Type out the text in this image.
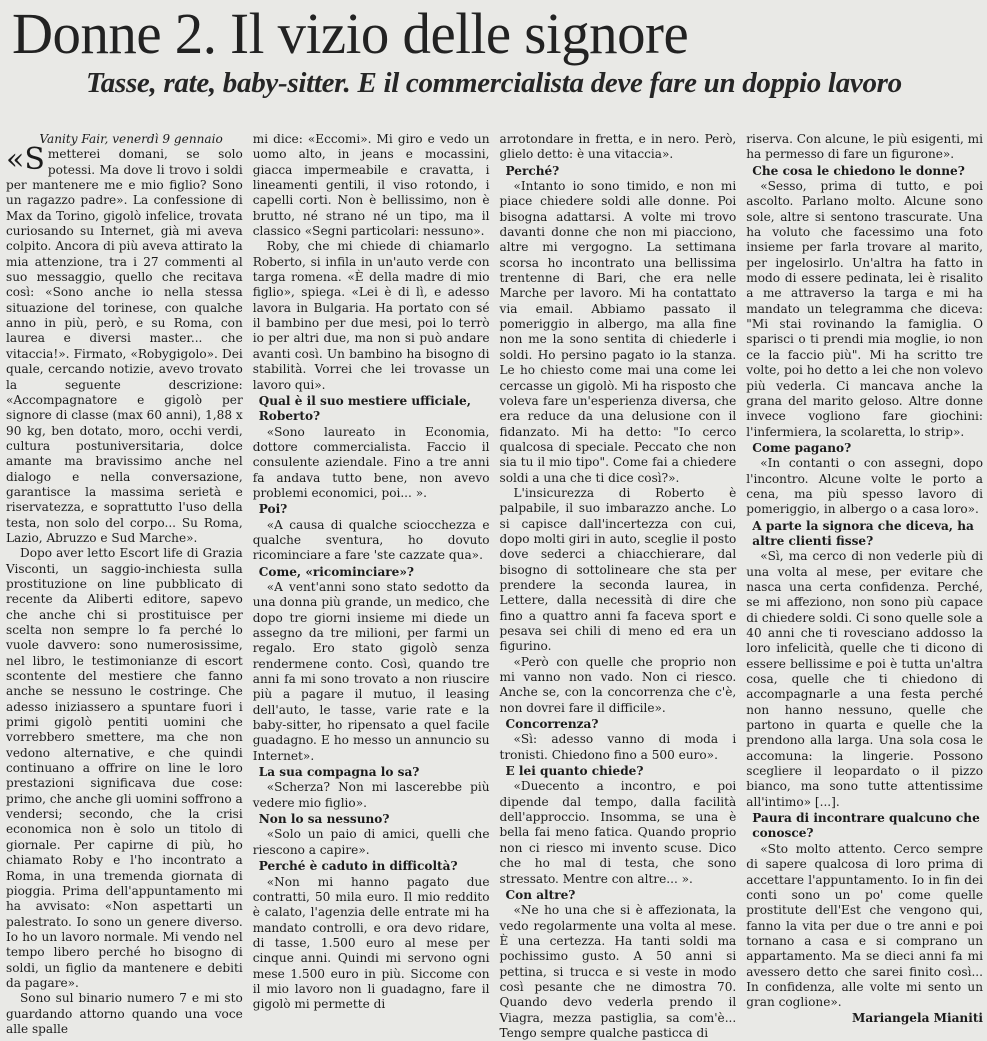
Donne 2. Il vizio delle signore
Tasse, rate, baby-sitter. E il commercialista deve fare un doppio lavoro

Vanity Fair, venerdì 9 gennaio

«Smetterei domani, se solo potessi. Ma dove li trovo i soldi per mantenere me e mio figlio? Sono un ragazzo padre». La confessione di Max da Torino, gigolò infelice, trovata curiosando su Internet, già mi aveva colpito. Ancora di più aveva attirato la mia attenzione, tra i 27 commenti al suo messaggio, quello che recitava così: «Sono anche io nella stessa situazione del torinese, con qualche anno in più, però, e su Roma, con laurea e diversi master... che vitaccia!». Firmato, «Robygigolo». Dei quale, cercando notizie, avevo trovato la seguente descrizione: «Accompagnatore e gigolò per signore di classe (max 60 anni), 1,88 x 90 kg, ben dotato, moro, occhi verdi, cultura postuniversitaria, dolce amante ma bravissimo anche nel dialogo e nella conversazione, garantisce la massima serietà e riservatezza, e soprattutto l'uso della testa, non solo del corpo... Su Roma, Lazio, Abruzzo e Sud Marche».

Dopo aver letto Escort life di Grazia Visconti, un saggio-inchiesta sulla prostituzione on line pubblicato di recente da Aliberti editore, sapevo che anche chi si prostituisce per scelta non sempre lo fa perché lo vuole davvero: sono numerosissime, nel libro, le testimonianze di escort scontente del mestiere che fanno anche se nessuno le costringe. Che adesso iniziassero a spuntare fuori i primi gigolò pentiti uomini che vorrebbero smettere, ma che non vedono alternative, e che quindi continuano a offrire on line le loro prestazioni significava due cose: primo, che anche gli uomini soffrono a vendersi; secondo, che la crisi economica non è solo un titolo di giornale. Per capirne di più, ho chiamato Roby e l'ho incontrato a Roma, in una tremenda giornata di pioggia. Prima dell'appuntamento mi ha avvisato: «Non aspettarti un palestrato. Io sono un genere diverso. Io ho un lavoro normale. Mi vendo nel tempo libero perché ho bisogno di soldi, un figlio da mantenere e debiti da pagare».

Sono sul binario numero 7 e mi sto guardando attorno quando una voce alle spalle

mi dice: «Eccomi». Mi giro e vedo un uomo alto, in jeans e mocassini, giacca impermeabile e cravatta, i lineamenti gentili, il viso rotondo, i capelli corti. Non è bellissimo, non è brutto, né strano né un tipo, ma il classico «Segni particolari: nessuno».

Roby, che mi chiede di chiamarlo Roberto, si infila in un'auto verde con targa romena. «È della madre di mio figlio», spiega. «Lei è di lì, e adesso lavora in Bulgaria. Ha portato con sé il bambino per due mesi, poi lo terrò io per altri due, ma non si può andare avanti così. Un bambino ha bisogno di stabilità. Vorrei che lei trovasse un lavoro qui».

Qual è il suo mestiere ufficiale, Roberto?

«Sono laureato in Economia, dottore commercialista. Faccio il consulente aziendale. Fino a tre anni fa andava tutto bene, non avevo problemi economici, poi... ».

Poi?

«A causa di qualche sciocchezza e qualche sventura, ho dovuto ricominciare a fare 'ste cazzate qua».

Come, «ricominciare»?

«A vent'anni sono stato sedotto da una donna più grande, un medico, che dopo tre giorni insieme mi diede un assegno da tre milioni, per farmi un regalo. Ero stato gigolò senza rendermene conto. Così, quando tre anni fa mi sono trovato a non riuscire più a pagare il mutuo, il leasing dell'auto, le tasse, varie rate e la baby-sitter, ho ripensato a quel facile guadagno. E ho messo un annuncio su Internet».

La sua compagna lo sa?

«Scherza? Non mi lascerebbe più vedere mio figlio».

Non lo sa nessuno?

«Solo un paio di amici, quelli che riescono a capire».

Perché è caduto in difficoltà?

«Non mi hanno pagato due contratti, 50 mila euro. Il mio reddito è calato, l'agenzia delle entrate mi ha mandato controlli, e ora devo ridare, di tasse, 1.500 euro al mese per cinque anni. Quindi mi servono ogni mese 1.500 euro in più. Siccome con il mio lavoro non li guadagno, fare il gigolò mi permette di

arrotondare in fretta, e in nero. Però, glielo detto: è una vitaccia».

Perché?

«Intanto io sono timido, e non mi piace chiedere soldi alle donne. Poi bisogna adattarsi. A volte mi trovo davanti donne che non mi piacciono, altre mi vergogno. La settimana scorsa ho incontrato una bellissima trentenne di Bari, che era nelle Marche per lavoro. Mi ha contattato via email. Abbiamo passato il pomeriggio in albergo, ma alla fine non me la sono sentita di chiederle i soldi. Ho persino pagato io la stanza. Le ho chiesto come mai una come lei cercasse un gigolò. Mi ha risposto che voleva fare un'esperienza diversa, che era reduce da una delusione con il fidanzato. Mi ha detto: "Io cerco qualcosa di speciale. Peccato che non sia tu il mio tipo". Come fai a chiedere soldi a una che ti dice così?».

L'insicurezza di Roberto è palpabile, il suo imbarazzo anche. Lo si capisce dall'incertezza con cui, dopo molti giri in auto, sceglie il posto dove sederci a chiacchierare, dal bisogno di sottolineare che sta per prendere la seconda laurea, in Lettere, dalla necessità di dire che fino a quattro anni fa faceva sport e pesava sei chili di meno ed era un figurino.

«Però con quelle che proprio non mi vanno non vado. Non ci riesco. Anche se, con la concorrenza che c'è, non dovrei fare il difficile».

Concorrenza?

«Sì: adesso vanno di moda i tronisti. Chiedono fino a 500 euro».

E lei quanto chiede?

«Duecento a incontro, e poi dipende dal tempo, dalla facilità dell'approccio. Insomma, se una è bella fai meno fatica. Quando proprio non ci riesco mi invento scuse. Dico che ho mal di testa, che sono stressato. Mentre con altre... ».

Con altre?

«Ne ho una che si è affezionata, la vedo regolarmente una volta al mese. È una certezza. Ha tanti soldi ma pochissimo gusto. A 50 anni si pettina, si trucca e si veste in modo così pesante che ne dimostra 70. Quando devo vederla prendo il Viagra, mezza pastiglia, sa com'è... Tengo sempre qualche pasticca di

riserva. Con alcune, le più esigenti, mi ha permesso di fare un figurone».

Che cosa le chiedono le donne?

«Sesso, prima di tutto, e poi ascolto. Parlano molto. Alcune sono sole, altre si sentono trascurate. Una ha voluto che facessimo una foto insieme per farla trovare al marito, per ingelosirlo. Un'altra ha fatto in modo di essere pedinata, lei è risalito a me attraverso la targa e mi ha mandato un telegramma che diceva: "Mi stai rovinando la famiglia. O sparisci o ti prendi mia moglie, io non ce la faccio più". Mi ha scritto tre volte, poi ho detto a lei che non volevo più vederla. Ci mancava anche la grana del marito geloso. Altre donne invece vogliono fare giochini: l'infermiera, la scolaretta, lo strip».

Come pagano?

«In contanti o con assegni, dopo l'incontro. Alcune volte le porto a cena, ma più spesso lavoro di pomeriggio, in albergo o a casa loro».

A parte la signora che diceva, ha altre clienti fisse?

«Sì, ma cerco di non vederle più di una volta al mese, per evitare che nasca una certa confidenza. Perché, se mi affeziono, non sono più capace di chiedere soldi. Ci sono quelle sole a 40 anni che ti rovesciano addosso la loro infelicità, quelle che ti dicono di essere bellissime e poi è tutta un'altra cosa, quelle che ti chiedono di accompagnarle a una festa perché non hanno nessuno, quelle che partono in quarta e quelle che la prendono alla larga. Una sola cosa le accomuna: la lingerie. Possono scegliere il leopardato o il pizzo bianco, ma sono tutte attentissime all'intimo» [...].

Paura di incontrare qualcuno che conosce?

«Sto molto attento. Cerco sempre di sapere qualcosa di loro prima di accettare l'appuntamento. Io in fin dei conti sono un po' come quelle prostitute dell'Est che vengono qui, fanno la vita per due o tre anni e poi tornano a casa e si comprano un appartamento. Ma se dieci anni fa mi avessero detto che sarei finito così... In confidenza, alle volte mi sento un gran coglione».

Mariangela Mianiti
